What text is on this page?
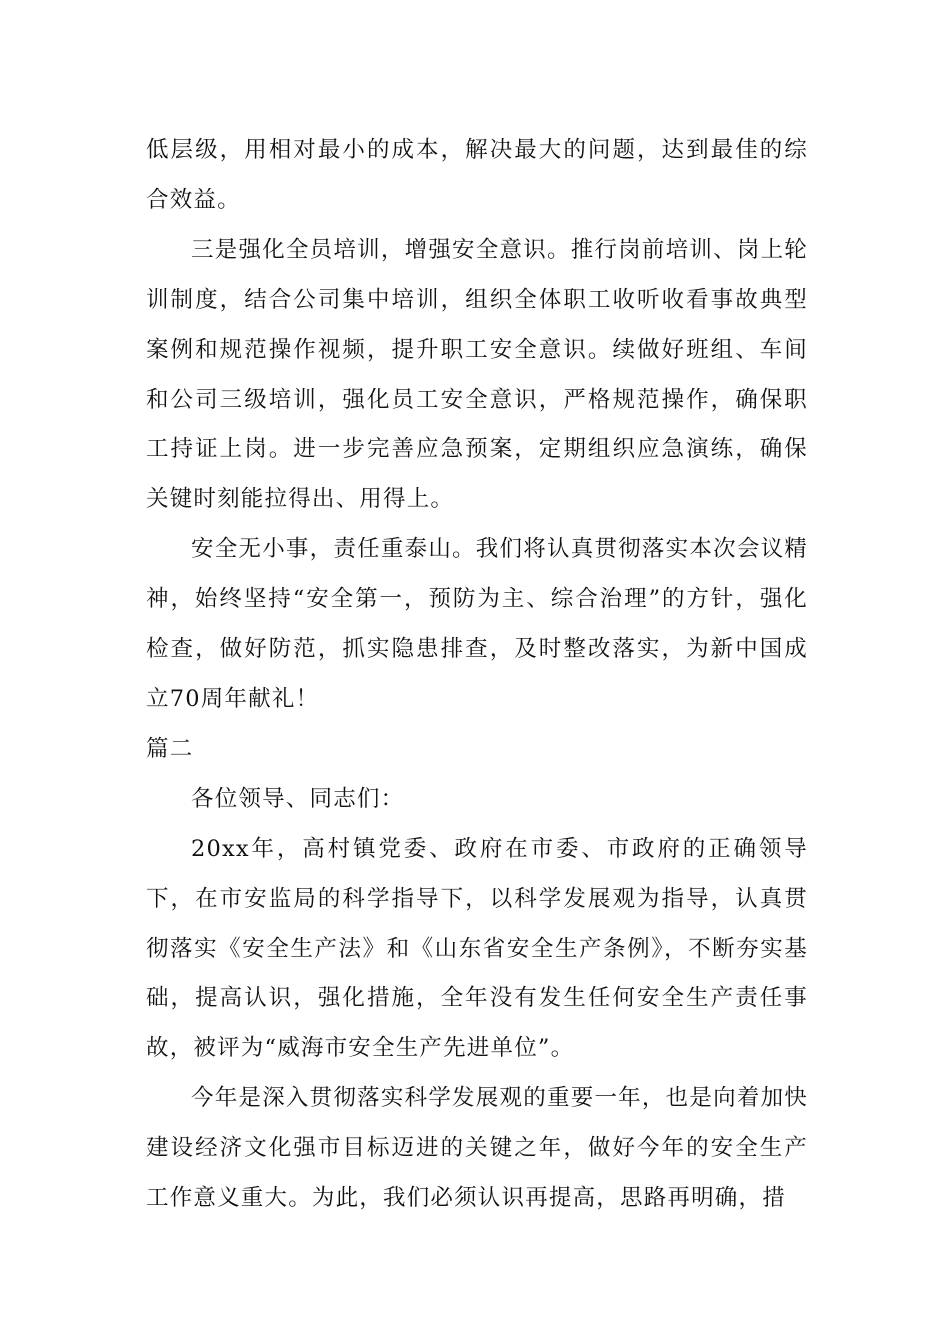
低层级，用相对最小的成本，解决最大的问题，达到最佳的综合效益。

三是强化全员培训，增强安全意识。推行岗前培训、岗上轮训制度，结合公司集中培训，组织全体职工收听收看事故典型案例和规范操作视频，提升职工安全意识。续做好班组、车间和公司三级培训，强化员工安全意识，严格规范操作，确保职工持证上岗。进一步完善应急预案，定期组织应急演练，确保关键时刻能拉得出、用得上。

安全无小事，责任重泰山。我们将认真贯彻落实本次会议精神，始终坚持“安全第一，预防为主、综合治理”的方针，强化检查，做好防范，抓实隐患排查，及时整改落实，为新中国成立70周年献礼！

篇二

各位领导、同志们：

20xx年，高村镇党委、政府在市委、市政府的正确领导下，在市安监局的科学指导下，以科学发展观为指导，认真贯彻落实《安全生产法》和《山东省安全生产条例》，不断夯实基础，提高认识，强化措施，全年没有发生任何安全生产责任事故，被评为“威海市安全生产先进单位”。

今年是深入贯彻落实科学发展观的重要一年，也是向着加快建设经济文化强市目标迈进的关键之年，做好今年的安全生产工作意义重大。为此，我们必须认识再提高，思路再明确，措
